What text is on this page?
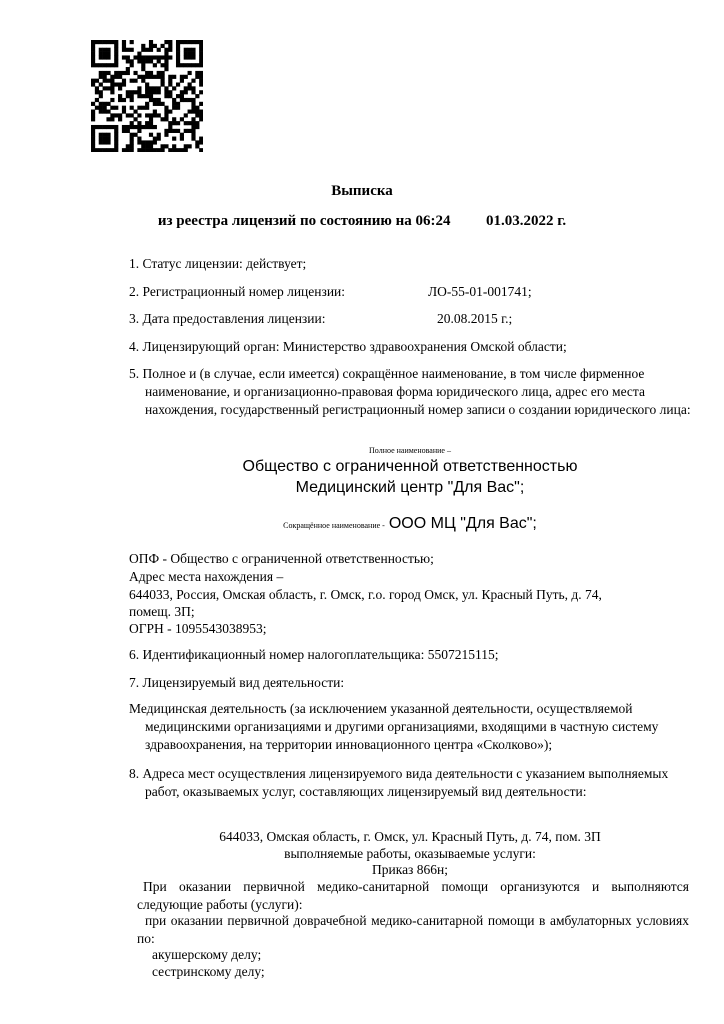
Выписка
из реестра лицензий по состоянию на 06:24 01.03.2022 г.
1. Статус лицензии: действует;
2. Регистрационный номер лицензии:	ЛО-55-01-001741;
3. Дата предоставления лицензии:	20.08.2015 г.;
4. Лицензирующий орган: Министерство здравоохранения Омской области;
5. Полное и (в случае, если имеется) сокращённое наименование, в том числе фирменное наименование, и организационно-правовая форма юридического лица, адрес его места нахождения, государственный регистрационный номер записи о создании юридического лица:
Полное наименование –
Общество с ограниченной ответственностью
Медицинский центр "Для Вас";
Сокращённое наименование - ООО МЦ "Для Вас";
ОПФ - Общество с ограниченной ответственностью;
Адрес места нахождения –
644033, Россия, Омская область, г. Омск, г.о. город Омск, ул. Красный Путь, д. 74,
помещ. 3П;
ОГРН - 1095543038953;
6. Идентификационный номер налогоплательщика: 5507215115;
7. Лицензируемый вид деятельности:
Медицинская деятельность (за исключением указанной деятельности, осуществляемой медицинскими организациями и другими организациями, входящими в частную систему здравоохранения, на территории инновационного центра «Сколково»);
8. Адреса мест осуществления лицензируемого вида деятельности с указанием выполняемых работ, оказываемых услуг, составляющих лицензируемый вид деятельности:
644033, Омская область, г. Омск, ул. Красный Путь, д. 74, пом. 3П
выполняемые работы, оказываемые услуги:
Приказ 866н;
При оказании первичной медико-санитарной помощи организуются и выполняются следующие работы (услуги):
при оказании первичной доврачебной медико-санитарной помощи в амбулаторных условиях по:
акушерскому делу;
сестринскому делу;
